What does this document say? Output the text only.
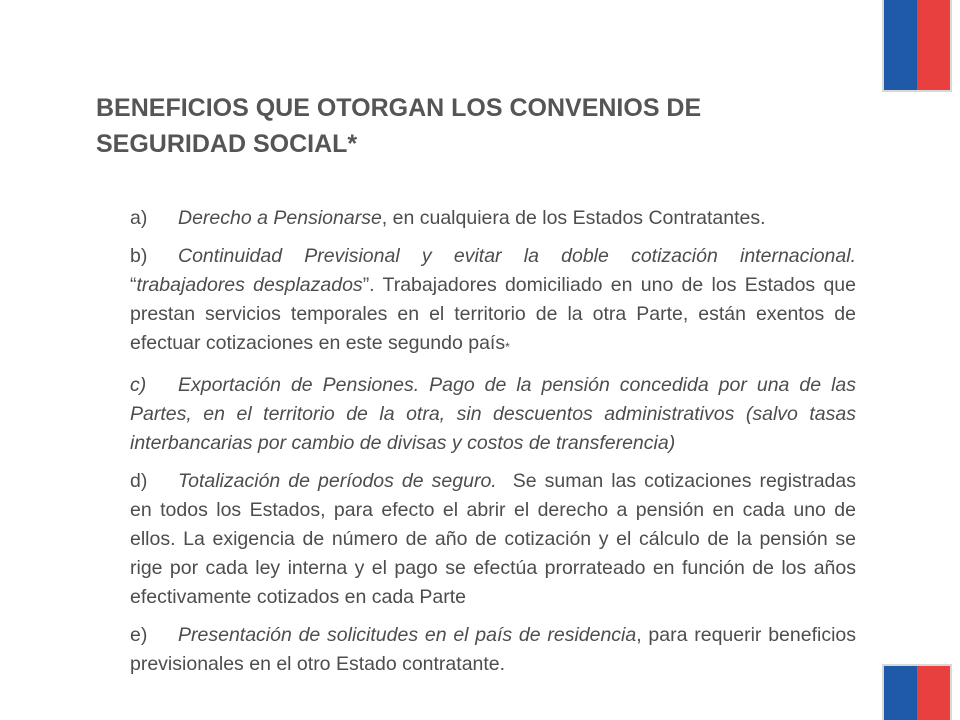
BENEFICIOS QUE OTORGAN LOS CONVENIOS DE
SEGURIDAD SOCIAL*

a) Derecho a Pensionarse, en cualquiera de los Estados Contratantes.

b) Continuidad Previsional y evitar la doble cotización internacional. “trabajadores desplazados”. Trabajadores domiciliado en uno de los Estados que prestan servicios temporales en el territorio de la otra Parte, están exentos de efectuar cotizaciones en este segundo país*

c) Exportación de Pensiones. Pago de la pensión concedida por una de las Partes, en el territorio de la otra, sin descuentos administrativos (salvo tasas interbancarias por cambio de divisas y costos de transferencia)

d) Totalización de períodos de seguro.  Se suman las cotizaciones registradas en todos los Estados, para efecto el abrir el derecho a pensión en cada uno de ellos. La exigencia de número de año de cotización y el cálculo de la pensión se rige por cada ley interna y el pago se efectúa prorrateado en función de los años efectivamente cotizados en cada Parte

e) Presentación de solicitudes en el país de residencia, para requerir beneficios previsionales en el otro Estado contratante.
